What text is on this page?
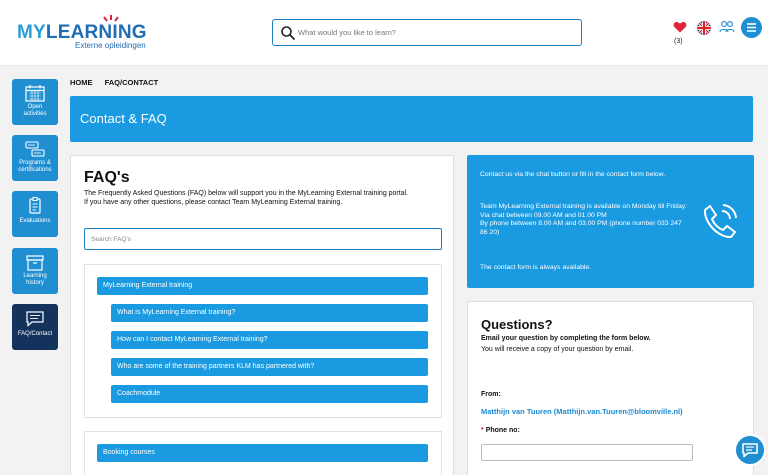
MYLEARNING
Externe opleidingen
What would you like to learn?	(3)
Open
activities
Programs &
certifications
Evaluations
Learning
history
FAQ/Contact
HOME FAQ/CONTACT
Contact & FAQ
FAQ's
The Frequently Asked Questions (FAQ) below will support you in the MyLearning External training portal.
If you have any other questions, please contact Team MyLearning External training.
Search FAQ's
MyLearning External training
What is MyLearning External training?
How can I contact MyLearning External training?
Who are some of the training partners KLM has partnered with?
Coachmodule
Booking courses
Contact us via the chat button or fill in the contact form below.
Team MyLearning External training is available on Monday till Friday:
Via chat between 09.00 AM and 01.00 PM
By phone between 8.00 AM and 03.00 PM (phone number 033 247 86 20)
The contact form is always available.
Questions?
Email your question by completing the form below.
You will receive a copy of your question by email.
From:
Matthijn van Tuuren (Matthijn.van.Tuuren@bloomville.nl)
* Phone no:
